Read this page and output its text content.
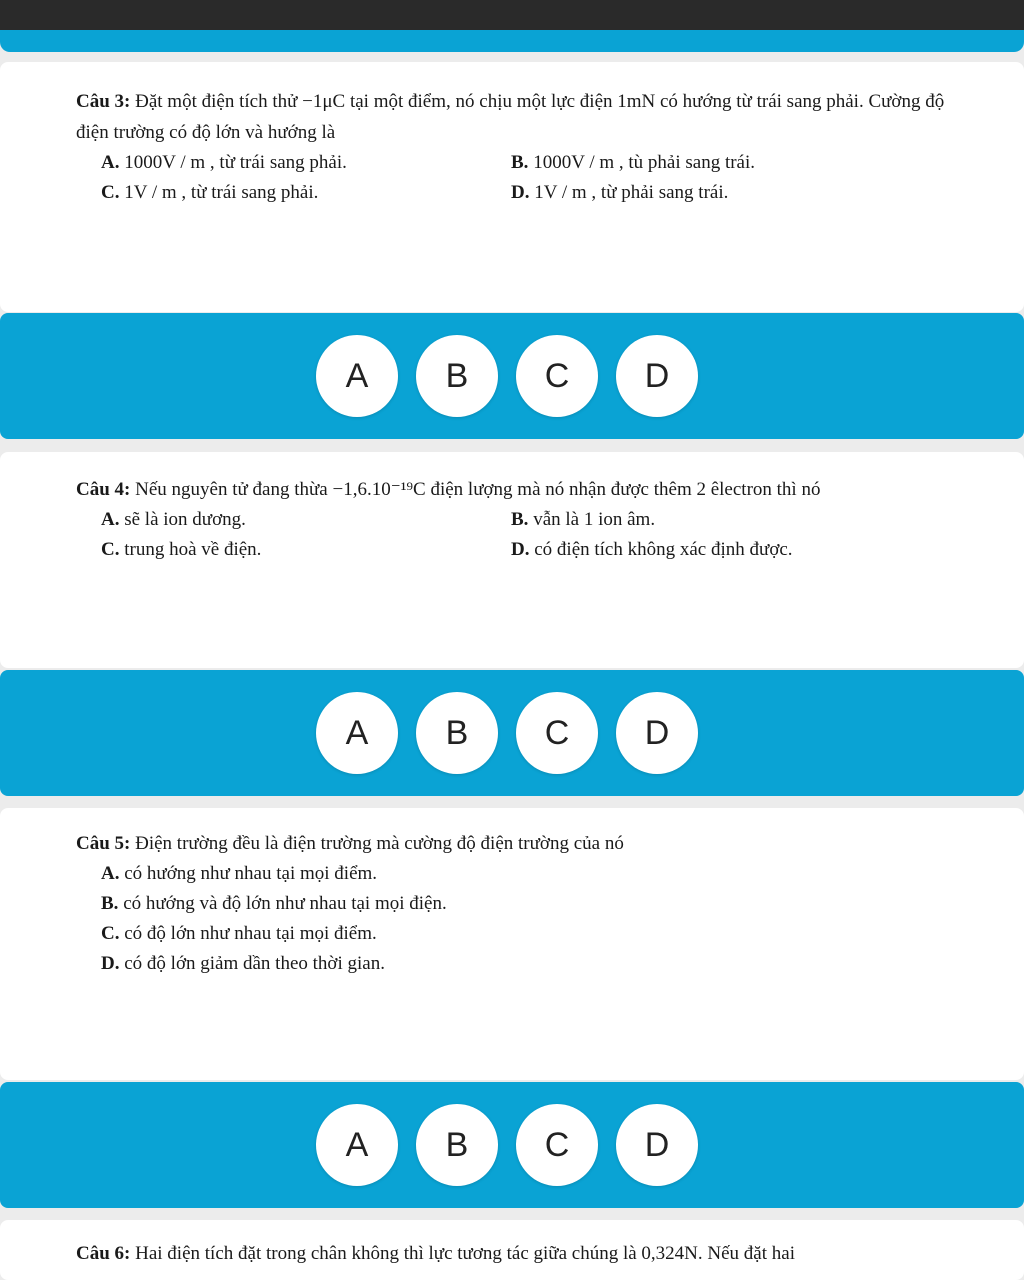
Câu 3: Đặt một điện tích thử −1μC tại một điểm, nó chịu một lực điện 1mN có hướng từ trái sang phải. Cường độ điện trường có độ lớn và hướng là

A. 1000V / m , từ trái sang phải.	B. 1000V / m , tù phải sang trái.
C. 1V / m , từ trái sang phải.	D. 1V / m , từ phải sang trái.
A	B	C	D

Câu 4: Nếu nguyên tử đang thừa −1,6.10⁻¹⁹C điện lượng mà nó nhận được thêm 2 êlectron thì nó

A. sẽ là ion dương.	B. vẫn là 1 ion âm.
C. trung hoà về điện.	D. có điện tích không xác định được.
A	B	C	D

Câu 5: Điện trường đều là điện trường mà cường độ điện trường của nó

A. có hướng như nhau tại mọi điểm.
B. có hướng và độ lớn như nhau tại mọi điện.
C. có độ lớn như nhau tại mọi điểm.
D. có độ lớn giảm dần theo thời gian.
A	B	C	D

Câu 6: Hai điện tích đặt trong chân không thì lực tương tác giữa chúng là 0,324N. Nếu đặt hai
